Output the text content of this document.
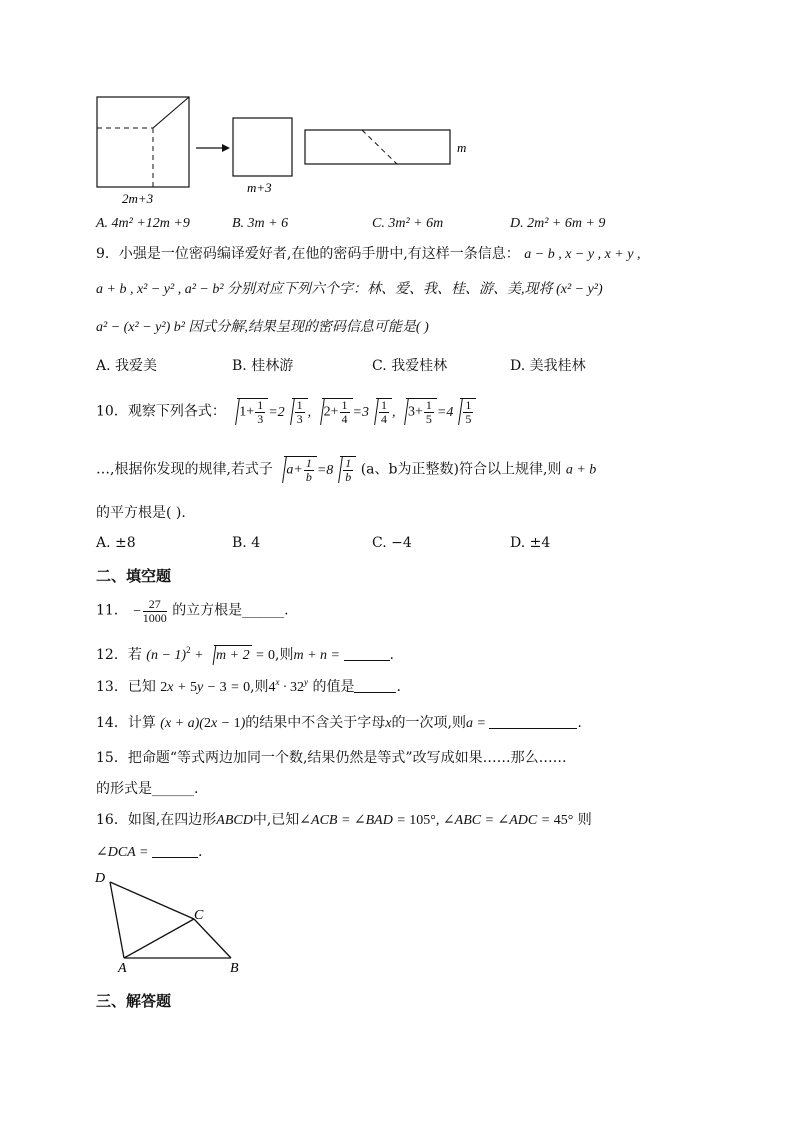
2m+3
m+3
m
A. 4m² +12m +9	B. 3m + 6	C. 3m² + 6m	D. 2m² + 6m + 9
9．小强是一位密码编译爱好者,在他的密码手册中,有这样一条信息： a − b , x − y , x + y ,
a + b , x² − y² , a² − b² 分别对应下列六个字：林、爱、我、桂、游、美,现将 (x² − y²)
a² − (x² − y²) b² 因式分解,结果呈现的密码信息可能是( )
A. 我爱美	B. 桂林游	C. 我爱桂林	D. 美我桂林
10．观察下列各式： $1+ \frac{1}{3} =2 \frac{1}{3}$ , $2+ \frac{1}{4} =3 \frac{1}{4}$ , $3+ \frac{1}{5} =4 \frac{1}{5}$
…,根据你发现的规律,若式子 $a+ \frac{1}{b} =8 \frac{1}{b} (a$、b为正整数)符合以上规律,则 a + b
的平方根是( ).
A. ±8	B. 4	C. −4	D. ±4
二、填空题
11． − $\frac{27}{1000}$ 的立方根是______.
12．若 $(n - 1)^2 + m + 2 = 0$,则m + n =	.
13．已知 2x + 5y − 3 = 0,则$4^x \cdot 32^y$ 的值是	.
14．计算 (x + a)(2x − 1)的结果中不含关于字母x的一次项,则a =	.
15．把命题“等式两边加同一个数,结果仍然是等式”改写成如果……那么……
的形式是______.
16．如图,在四边形ABCD中,已知∠ACB = ∠BAD = 105°, ∠ABC = ∠ADC = 45° 则
∠DCA =	.
D
C
A	B
三、解答题
